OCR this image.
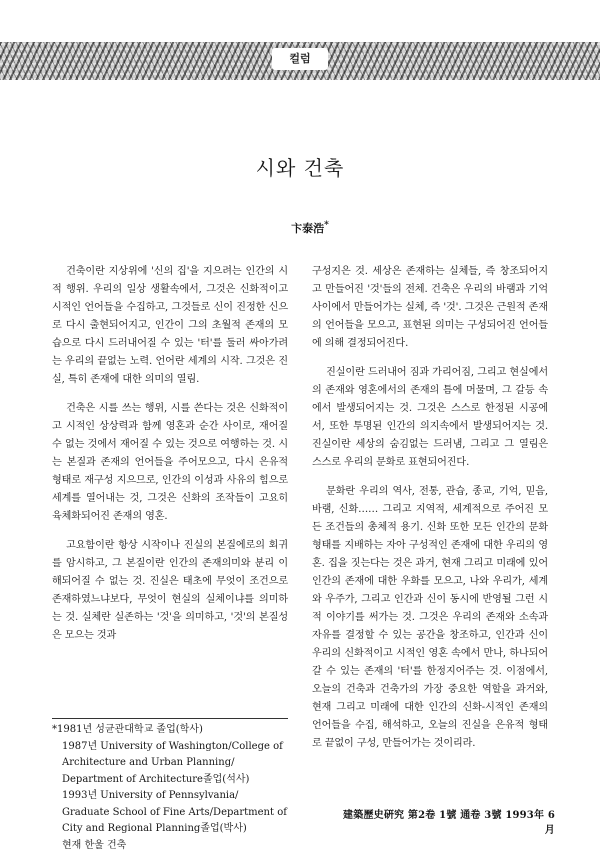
컬럼
시와 건축
卞泰浩*

건축이란 지상위에 '신의 집'을 지으려는 인간의 시적 행위. 우리의 일상 생활속에서, 그것은 신화적이고 시적인 언어들을 수집하고, 그것들로 신이 진정한 신으로 다시 출현되어지고, 인간이 그의 초월적 존재의 모습으로 다시 드러내어질 수 있는 '터'를 둘러 싸아가려는 우리의 끝없는 노력. 언어란 세계의 시작. 그것은 진실, 특히 존재에 대한 의미의 열림.

건축은 시를 쓰는 행위, 시를 쓴다는 것은 신화적이고 시적인 상상력과 함께 영혼과 순간 사이로, 재어질 수 없는 것에서 재어질 수 있는 것으로 여행하는 것. 시는 본질과 존재의 언어들을 주어모으고, 다시 은유적 형태로 재구성 지으므로, 인간의 이성과 사유의 힘으로 세계를 열어내는 것, 그것은 신화의 조작들이 고요히 육체화되어진 존재의 영혼.

고요함이란 항상 시작이나 진실의 본질에로의 회귀를 암시하고, 그 본질이란 인간의 존재의미와 분리 이해되어질 수 없는 것. 진실은 태초에 무엇이 조건으로 존재하였느냐보다, 무엇이 현실의 실체이냐를 의미하는 것. 실체란 실존하는 '것'을 의미하고, '것'의 본질성은 모으는 것과

구성지은 것. 세상은 존재하는 실체들, 즉 창조되어지고 만들어진 '것'들의 전체. 건축은 우리의 바램과 기억사이에서 만들어가는 실체, 즉 '것'. 그것은 근원적 존재의 언어들을 모으고, 표현된 의미는 구성되어진 언어들에 의해 결정되어진다.

진실이란 드러내어 짐과 가리어짐, 그리고 현실에서의 존재와 영혼에서의 존재의 틈에 머물며, 그 갈등 속에서 발생되어지는 것. 그것은 스스로 한정된 시공에서, 또한 투명된 인간의 의지속에서 발생되어지는 것. 진실이란 세상의 숨김없는 드러냄, 그리고 그 열림은 스스로 우리의 문화로 표현되어진다.

문화란 우리의 역사, 전통, 관습, 종교, 기억, 믿음, 바램, 신화…… 그리고 지역적, 세계적으로 주어진 모든 조건들의 총체적 용기. 신화 또한 모든 인간의 문화형태를 지배하는 자아 구성적인 존재에 대한 우리의 영혼. 집을 짓는다는 것은 과거, 현재 그리고 미래에 있어 인간의 존재에 대한 우화를 모으고, 나와 우리가, 세계와 우주가, 그리고 인간과 신이 동시에 반영될 그런 시적 이야기를 써가는 것. 그것은 우리의 존재와 소속과 자유를 결정할 수 있는 공간을 창조하고, 인간과 신이 우리의 신화적이고 시적인 영혼 속에서 만나, 하나되어갈 수 있는 존재의 '터'를 한정지어주는 것. 이점에서, 오늘의 건축과 건축가의 가장 중요한 역할을 과거와, 현재 그리고 미래에 대한 인간의 신화-시적인 존재의 언어들을 수집, 해석하고, 오늘의 진실을 은유적 형태로 끝없이 구성, 만들어가는 것이리라.

*1981년 성균관대학교 졸업(학사)
1987년 University of Washington/College of Architecture and Urban Planning/ Department of Architecture졸업(석사)
1993년 University of Pennsylvania/ Graduate School of Fine Arts/Department of City and Regional Planning졸업(박사)
현재 한울 건축
建築歷史硏究 第2卷 1號 通卷 3號 1993年 6月
